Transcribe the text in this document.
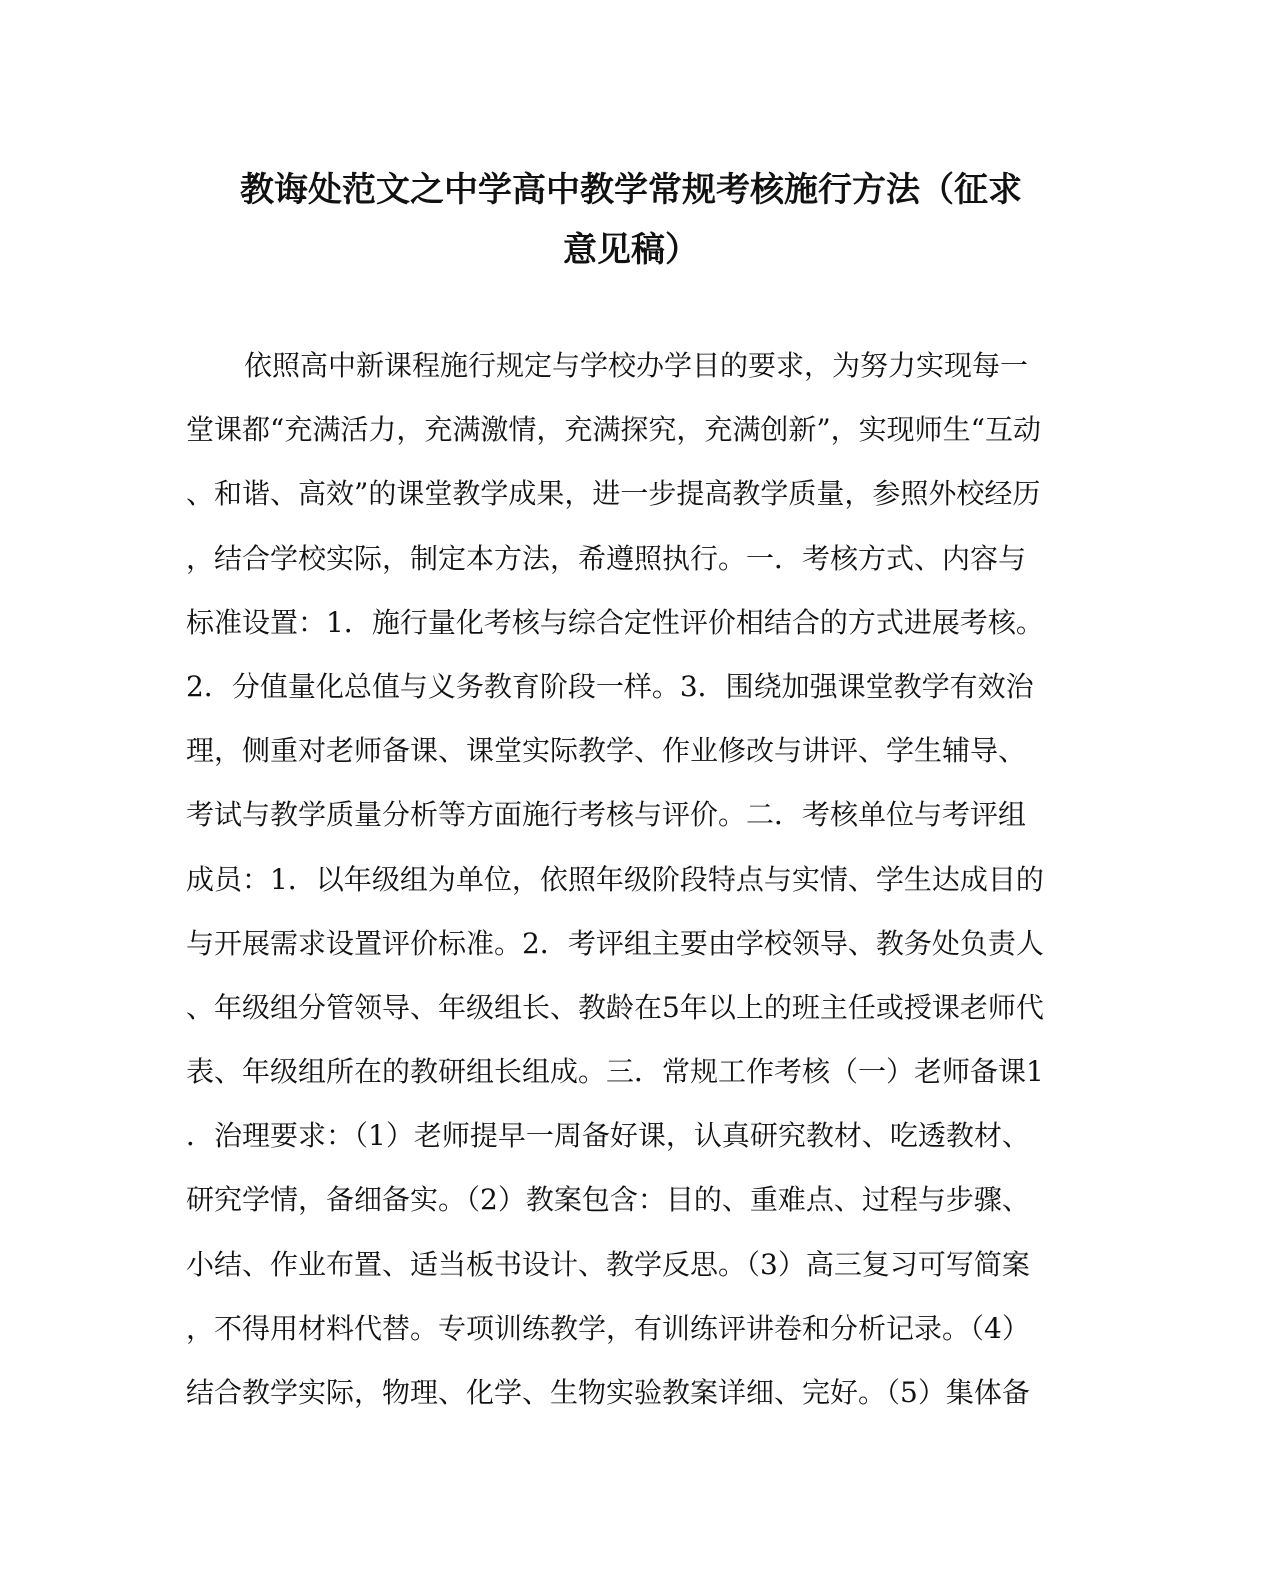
教诲处范文之中学高中教学常规考核施行方法（征求
意见稿）
依照高中新课程施行规定与学校办学目的要求，为努力实现每一
堂课都“充满活力，充满激情，充满探究，充满创新”，实现师生“互动
、和谐、高效”的课堂教学成果，进一步提高教学质量，参照外校经历
，结合学校实际，制定本方法，希遵照执行。一．考核方式、内容与
标准设置：1．施行量化考核与综合定性评价相结合的方式进展考核。
2．分值量化总值与义务教育阶段一样。3．围绕加强课堂教学有效治
理，侧重对老师备课、课堂实际教学、作业修改与讲评、学生辅导、
考试与教学质量分析等方面施行考核与评价。二．考核单位与考评组
成员：1．以年级组为单位，依照年级阶段特点与实情、学生达成目的
与开展需求设置评价标准。2．考评组主要由学校领导、教务处负责人
、年级组分管领导、年级组长、教龄在5年以上的班主任或授课老师代
表、年级组所在的教研组长组成。三．常规工作考核（一）老师备课1
．治理要求：（1）老师提早一周备好课，认真研究教材、吃透教材、
研究学情，备细备实。（2）教案包含：目的、重难点、过程与步骤、
小结、作业布置、适当板书设计、教学反思。（3）高三复习可写简案
，不得用材料代替。专项训练教学，有训练评讲卷和分析记录。（4）
结合教学实际，物理、化学、生物实验教案详细、完好。（5）集体备
